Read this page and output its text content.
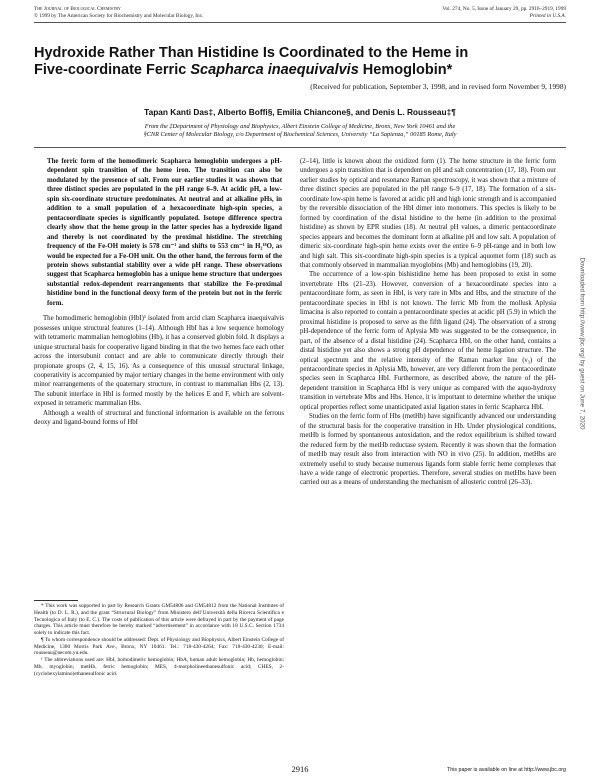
The Journal of Biological Chemistry
© 1999 by The American Society for Biochemistry and Molecular Biology, Inc.
Vol. 274, No. 5, Issue of January 29, pp. 2916–2919, 1999
Printed in U.S.A.
Hydroxide Rather Than Histidine Is Coordinated to the Heme in
Five-coordinate Ferric Scapharca inaequivalvis Hemoglobin*
(Received for publication, September 3, 1998, and in revised form November 9, 1998)
Tapan Kanti Das‡, Alberto Boffi§, Emilia Chiancone§, and Denis L. Rousseau‡¶
From the ‡Department of Physiology and Biophysics, Albert Einstein College of Medicine, Bronx, New York 10461 and the
§CNR Center of Molecular Biology, c/o Department of Biochemical Sciences, University “La Sapienza,” 00185 Rome, Italy

The ferric form of the homodimeric Scapharca hemoglobin undergoes a pH-dependent spin transition of the heme iron. The transition can also be modulated by the presence of salt. From our earlier studies it was shown that three distinct species are populated in the pH range 6–9. At acidic pH, a low-spin six-coordinate structure predominates. At neutral and at alkaline pHs, in addition to a small population of a hexacoordinate high-spin species, a pentacoordinate species is significantly populated. Isotope difference spectra clearly show that the heme group in the latter species has a hydroxide ligand and thereby is not coordinated by the proximal histidine. The stretching frequency of the Fe-OH moiety is 578 cm⁻¹ and shifts to 553 cm⁻¹ in H₂¹⁸O, as would be expected for a Fe-OH unit. On the other hand, the ferrous form of the protein shows substantial stability over a wide pH range. These observations suggest that Scapharca hemoglobin has a unique heme structure that undergoes substantial redox-dependent rearrangements that stabilize the Fe-proximal histidine bond in the functional deoxy form of the protein but not in the ferric form.

The homodimeric hemoglobin (HbI)¹ isolated from arcid clam Scapharca inaequivalvis possesses unique structural features (1–14). Although HbI has a low sequence homology with tetrameric mammalian hemoglobins (Hb), it has a conserved globin fold. It displays a unique structural basis for cooperative ligand binding in that the two hemes face each other across the intersubunit contact and are able to communicate directly through their propionate groups (2, 4, 15, 16). As a consequence of this unusual structural linkage, cooperativity is accompanied by major tertiary changes in the heme environment with only minor rearrangements of the quaternary structure, in contrast to mammalian Hbs (2, 13). The subunit interface in HbI is formed mostly by the helices E and F, which are solvent-exposed in tetrameric mammalian Hbs.

Although a wealth of structural and functional information is available on the ferrous deoxy and ligand-bound forms of HbI

* This work was supported in part by Research Grants GM54806 and GM54812 from the National Institutes of Health (to D. L. R.), and the grant “Structural Biology” from Ministero dell’Università della Ricerca Scientifica e Tecnologica of Italy (to E. C.). The costs of publication of this article were defrayed in part by the payment of page charges. This article must therefore be hereby marked “advertisement” in accordance with 18 U.S.C. Section 1734 solely to indicate this fact.

¶ To whom correspondence should be addressed: Dept. of Physiology and Biophysics, Albert Einstein College of Medicine, 1300 Morris Park Ave., Bronx, NY 10461. Tel.: 718-430-4264; Fax: 718-430-4230; E-mail: rousseau@aecom.yu.edu.

¹ The abbreviations used are: HbI, homodimeric hemoglobin; HbA, human adult hemoglobin; Hb, hemoglobin; Mb, myoglobin; metHb, ferric hemoglobin; MES, 4-morpholineethanesulfonic acid; CHES, 2-(cyclohexylamino)ethanesulfonic acid.

(2–14), little is known about the oxidized form (1). The heme structure in the ferric form undergoes a spin transition that is dependent on pH and salt concentration (17, 18). From our earlier studies by optical and resonance Raman spectroscopy, it was shown that a mixture of three distinct species are populated in the pH range 6–9 (17, 18). The formation of a six-coordinate low-spin heme is favored at acidic pH and high ionic strength and is accompanied by the reversible dissociation of the HbI dimer into monomers. This species is likely to be formed by coordination of the distal histidine to the heme (in addition to the proximal histidine) as shown by EPR studies (18). At neutral pH values, a dimeric pentacoordinate species appears and becomes the dominant form at alkaline pH and low salt. A population of dimeric six-coordinate high-spin heme exists over the entire 6–9 pH-range and in both low and high salt. This six-coordinate high-spin species is a typical aquomet form (18) such as that commonly observed in mammalian myoglobins (Mb) and hemoglobins (19, 20).

The occurrence of a low-spin bishistidine heme has been proposed to exist in some invertebrate Hbs (21–23). However, conversion of a hexacoordinate species into a pentacoordinate form, as seen in HbI, is very rare in Mbs and Hbs, and the structure of the pentacoordinate species in HbI is not known. The ferric Mb from the mollusk Aplysia limacina is also reported to contain a pentacoordinate species at acidic pH (5.9) in which the proximal histidine is proposed to serve as the fifth ligand (24). The observation of a strong pH-dependence of the ferric form of Aplysia Mb was suggested to be the consequence, in part, of the absence of a distal histidine (24). Scapharca HbI, on the other hand, contains a distal histidine yet also shows a strong pH dependence of the heme ligation structure. The optical spectrum and the relative intensity of the Raman marker line (ν₃) of the pentacoordinate species in Aplysia Mb, however, are very different from the pentacoordinate species seen in Scapharca HbI. Furthermore, as described above, the nature of the pH-dependent transition in Scapharca HbI is very unique as compared with the aquo-hydroxy transition in vertebrate Mbs and Hbs. Hence, it is important to determine whether the unique optical properties reflect some unanticipated axial ligation states in ferric Scapharca HbI.

Studies on the ferric form of Hbs (metHb) have significantly advanced our understanding of the structural basis for the cooperative transition in Hb. Under physiological conditions, metHb is formed by spontaneous autoxidation, and the redox equilibrium is shifted toward the reduced form by the metHb reductase system. Recently it was shown that the formation of metHb may result also from interaction with NO in vivo (25). In addition, metHbs are extremely useful to study because numerous ligands form stable ferric heme complexes that have a wide range of electronic properties. Therefore, several studies on metHbs have been carried out as a means of understanding the mechanism of allosteric control (26–33).

2916	This paper is available on line at http://www.jbc.org
Downloaded from http://www.jbc.org/ by guest on June 7, 2020
